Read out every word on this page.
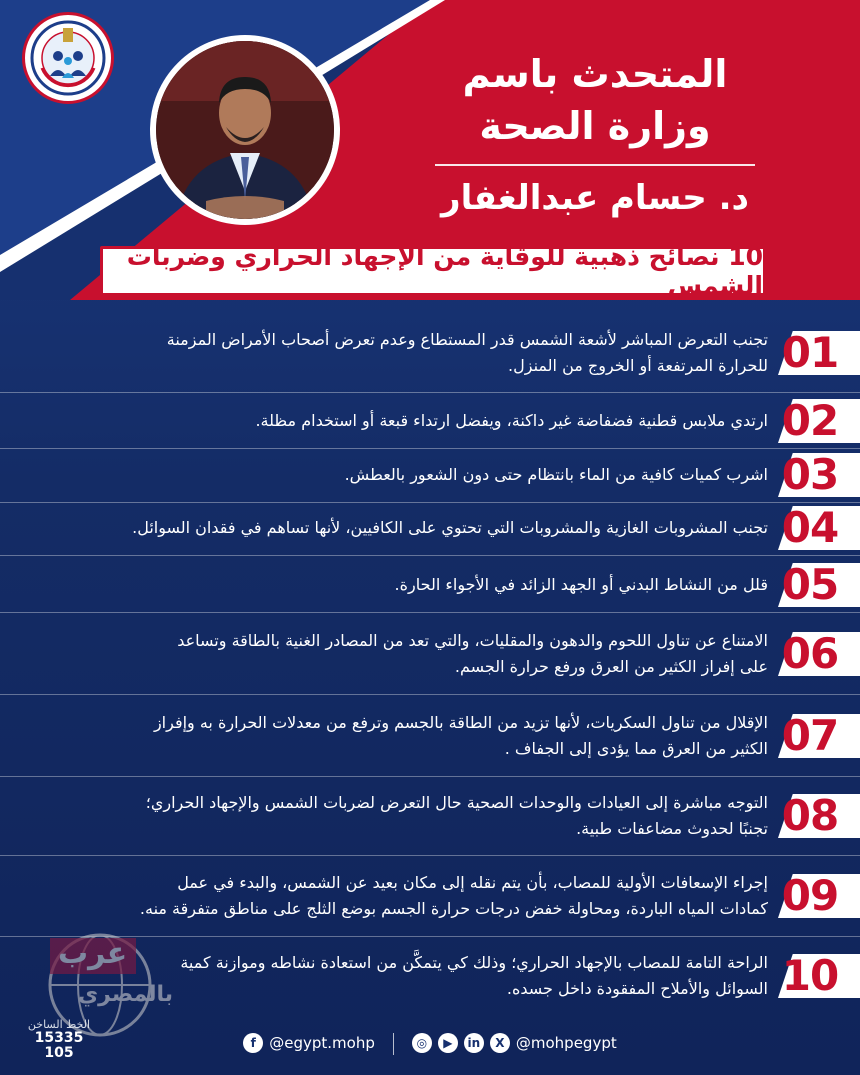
المتحدث باسم
وزارة الصحة
د. حسام عبدالغفار
10 نصائح ذهبية للوقاية من الإجهاد الحراري وضربات الشمس
01
تجنب التعرض المباشر لأشعة الشمس قدر المستطاع وعدم تعرض أصحاب الأمراض المزمنة
للحرارة المرتفعة أو الخروج من المنزل.
02
ارتدي ملابس قطنية فضفاضة غير داكنة، ويفضل ارتداء قبعة أو استخدام مظلة.
03
اشرب كميات كافية من الماء بانتظام حتى دون الشعور بالعطش.
04
تجنب المشروبات الغازية والمشروبات التي تحتوي على الكافيين، لأنها تساهم في فقدان السوائل.
05
قلل من النشاط البدني أو الجهد الزائد في الأجواء الحارة.
06
الامتناع عن تناول اللحوم والدهون والمقليات، والتي تعد من المصادر الغنية بالطاقة وتساعد
على إفراز الكثير من العرق ورفع حرارة الجسم.
07
الإقلال من تناول السكريات، لأنها تزيد من الطاقة بالجسم وترفع من معدلات الحرارة به وإفراز
الكثير من العرق مما يؤدى إلى الجفاف .
08
التوجه مباشرة إلى العيادات والوحدات الصحية حال التعرض لضربات الشمس والإجهاد الحراري؛
تجنبًا لحدوث مضاعفات طبية.
09
إجراء الإسعافات الأولية للمصاب، بأن يتم نقله إلى مكان بعيد عن الشمس، والبدء في عمل
كمادات المياه الباردة، ومحاولة خفض درجات حرارة الجسم بوضع الثلج على مناطق متفرقة منه.
10
الراحة التامة للمصاب بالإجهاد الحراري؛ وذلك كي يتمكَّن من استعادة نشاطه وموازنة كمية
السوائل والأملاح المفقودة داخل جسده.
عرب
بالمصري
الخط الساخن
15335
105
f @egypt.mohp	◎	▶	in	X @mohpegypt
